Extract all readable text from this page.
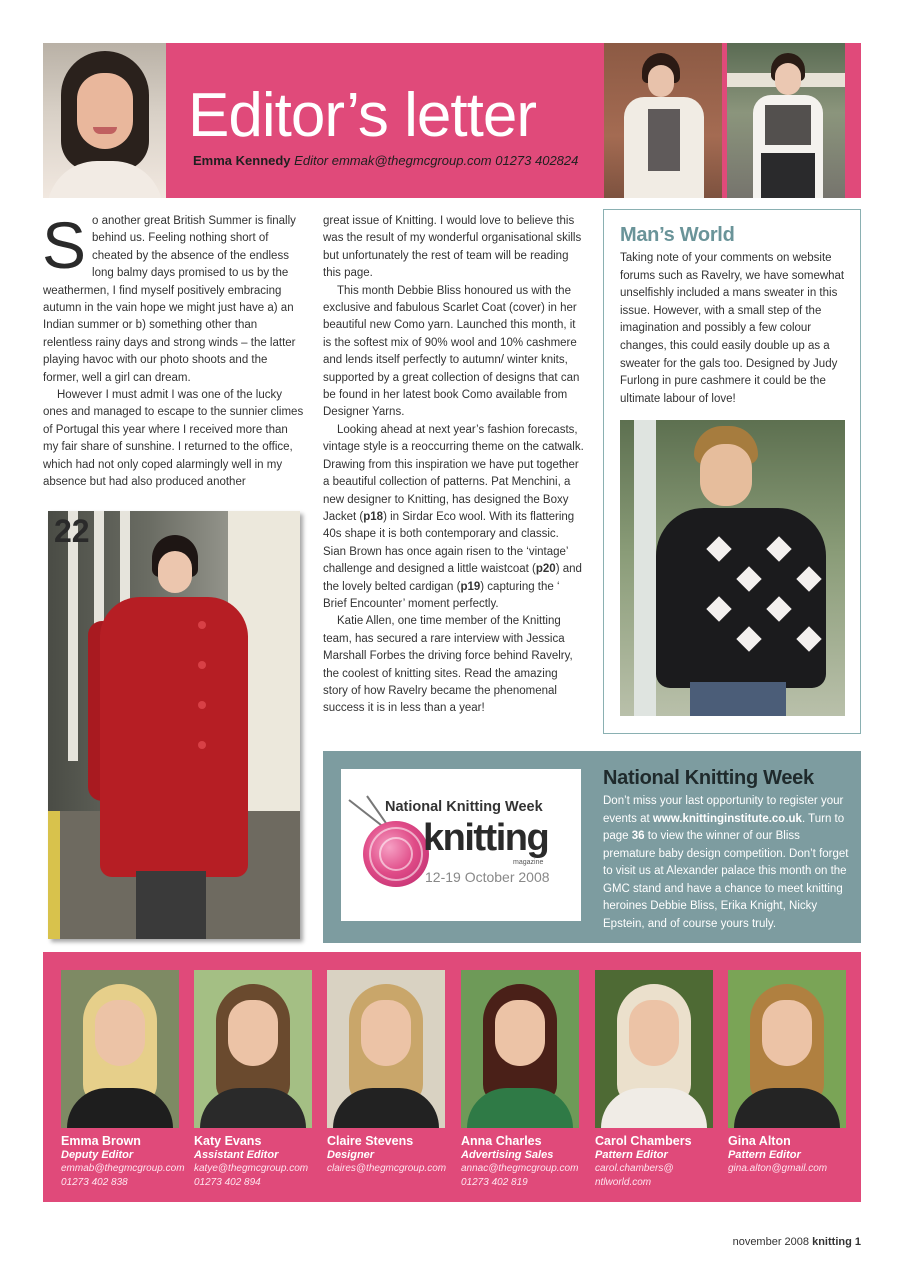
Editor’s letter
Emma Kennedy Editor emmak@thegmcgroup.com 01273 402824

So another great British Summer is finally behind us. Feeling nothing short of cheated by the absence of the endless long balmy days promised to us by the weathermen, I find myself positively embracing autumn in the vain hope we might just have a) an Indian summer or b) something other than relentless rainy days and strong winds – the latter playing havoc with our photo shoots and the former, well a girl can dream.

However I must admit I was one of the lucky ones and managed to escape to the sunnier climes of Portugal this year where I received more than my fair share of sunshine. I returned to the office, which had not only coped alarmingly well in my absence but had also produced another

great issue of Knitting. I would love to believe this was the result of my wonderful organisational skills but unfortunately the rest of team will be reading this page.

This month Debbie Bliss honoured us with the exclusive and fabulous Scarlet Coat (cover) in her beautiful new Como yarn. Launched this month, it is the softest mix of 90% wool and 10% cashmere and lends itself perfectly to autumn/ winter knits, supported by a great collection of designs that can be found in her latest book Como available from Designer Yarns.

Looking ahead at next year’s fashion forecasts, vintage style is a reoccurring theme on the catwalk. Drawing from this inspiration we have put together a beautiful collection of patterns. Pat Menchini, a new designer to Knitting, has designed the Boxy Jacket (p18) in Sirdar Eco wool. With its flattering 40s shape it is both contemporary and classic. Sian Brown has once again risen to the ‘vintage’ challenge and designed a little waistcoat (p20) and the lovely belted cardigan (p19) capturing the ‘ Brief Encounter’ moment perfectly.

Katie Allen, one time member of the Knitting team, has secured a rare interview with Jessica Marshall Forbes the driving force behind Ravelry, the coolest of knitting sites. Read the amazing story of how Ravelry became the phenomenal success it is in less than a year!

22
Man’s World
Taking note of your comments on website forums such as Ravelry, we have somewhat unselfishly included a mans sweater in this issue. However, with a small step of the imagination and possibly a few colour changes, this could easily double up as a sweater for the gals too. Designed by Judy Furlong in pure cashmere it could be the ultimate labour of love!
National Knitting Week
knitting
magazine
12-19 October 2008
National Knitting Week
Don’t miss your last opportunity to register your events at www.knittinginstitute.co.uk. Turn to page 36 to view the winner of our Bliss premature baby design competition. Don’t forget to visit us at Alexander palace this month on the GMC stand and have a chance to meet knitting heroines Debbie Bliss, Erika Knight, Nicky Epstein, and of course yours truly.
Emma Brown
Deputy Editor
emmab@thegmcgroup.com
01273 402 838
Katy Evans
Assistant Editor
katye@thegmcgroup.com
01273 402 894
Claire Stevens
Designer
claires@thegmcgroup.com
Anna Charles
Advertising Sales
annac@thegmcgroup.com
01273 402 819
Carol Chambers
Pattern Editor
carol.chambers@
ntlworld.com
Gina Alton
Pattern Editor
gina.alton@gmail.com
november 2008 knitting 1
